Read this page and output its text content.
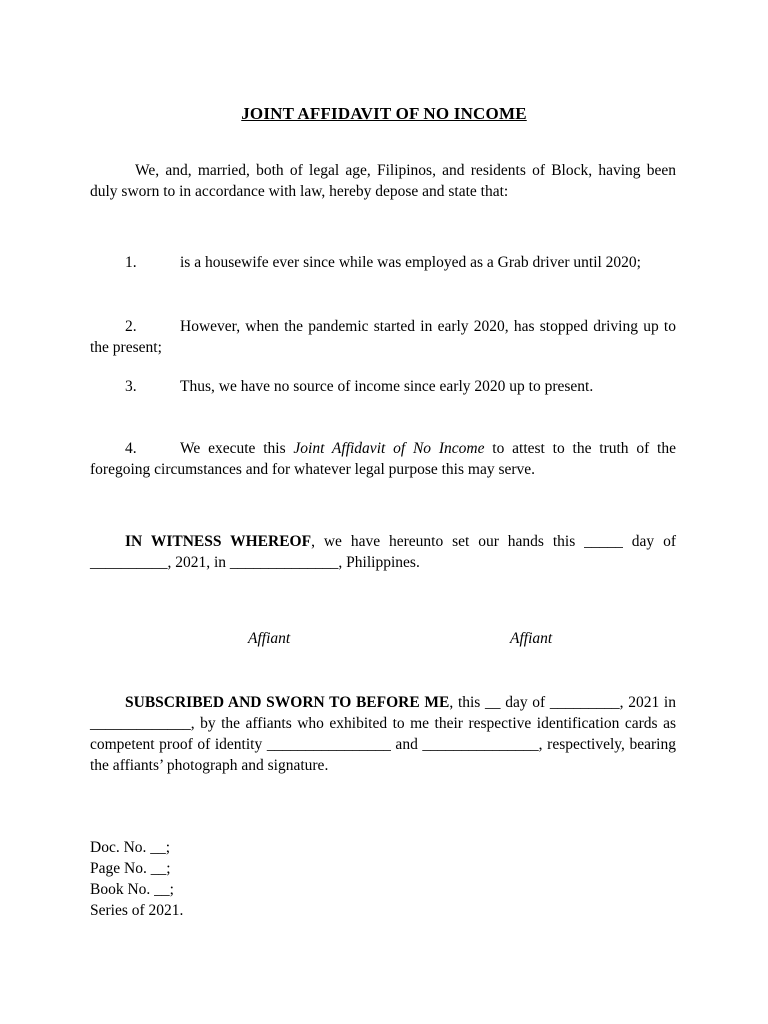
JOINT AFFIDAVIT OF NO INCOME

We, and, married, both of legal age, Filipinos, and residents of Block, having been duly sworn to in accordance with law, hereby depose and state that:

1.	is a housewife ever since while was employed as a Grab driver until 2020;

2.	However, when the pandemic started in early 2020, has stopped driving up to the present;

3.	Thus, we have no source of income since early 2020 up to present.

4.	We execute this Joint Affidavit of No Income to attest to the truth of the foregoing circumstances and for whatever legal purpose this may serve.

IN WITNESS WHEREOF, we have hereunto set our hands this _____ day of __________, 2021, in ______________, Philippines.

Affiant	Affiant

SUBSCRIBED AND SWORN TO BEFORE ME, this __ day of _________, 2021 in _____________, by the affiants who exhibited to me their respective identification cards as competent proof of identity ________________ and _______________, respectively, bearing the affiants’ photograph and signature.

Doc. No. __;
Page No. __;
Book No. __;
Series of 2021.
